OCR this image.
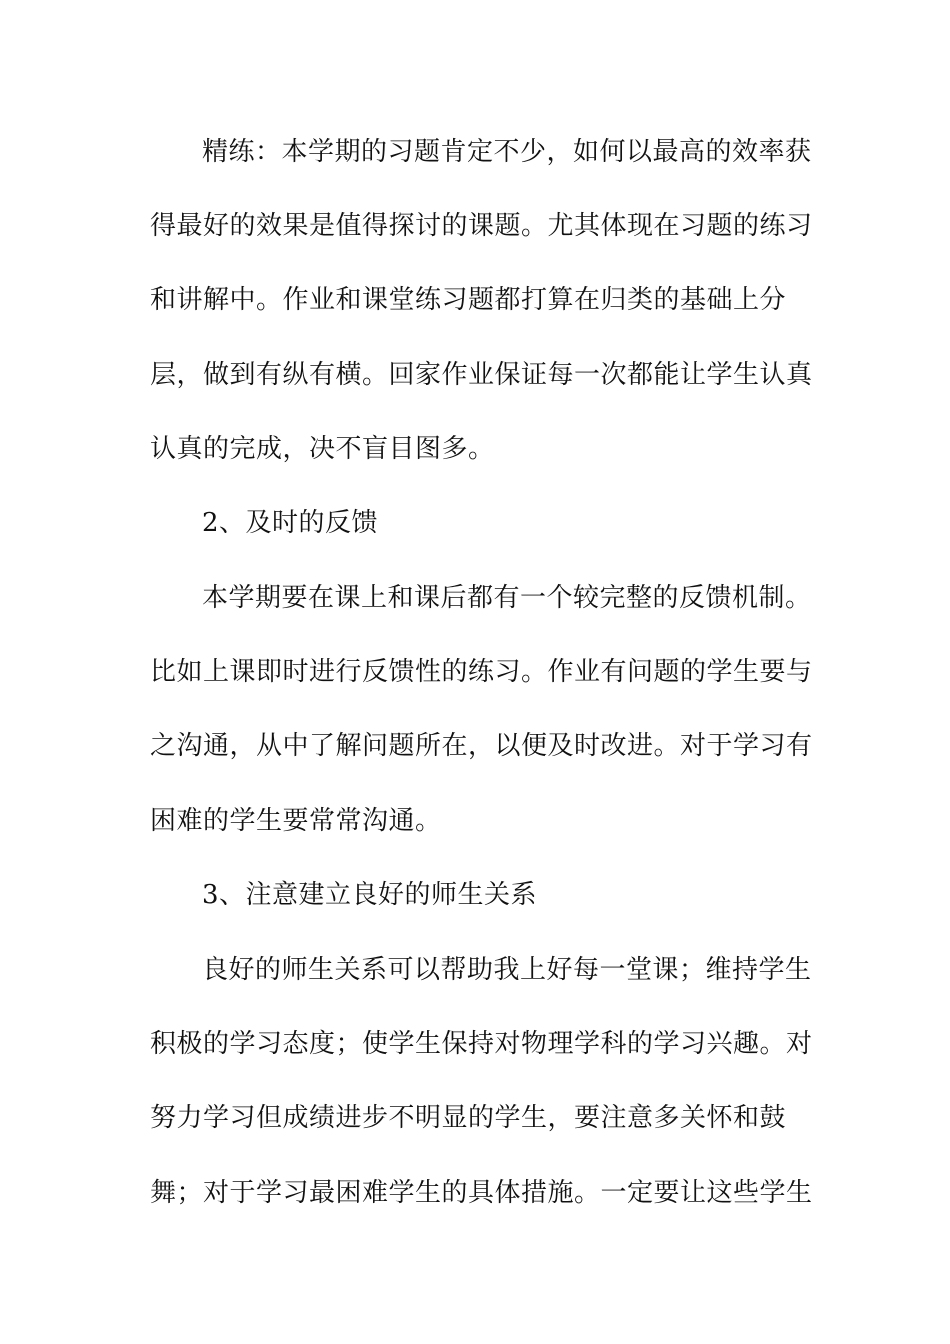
精练：本学期的习题肯定不少，如何以最高的效率获
得最好的效果是值得探讨的课题。尤其体现在习题的练习
和讲解中。作业和课堂练习题都打算在归类的基础上分
层，做到有纵有横。回家作业保证每一次都能让学生认真
认真的完成，决不盲目图多。
2、及时的反馈
本学期要在课上和课后都有一个较完整的反馈机制。
比如上课即时进行反馈性的练习。作业有问题的学生要与
之沟通，从中了解问题所在，以便及时改进。对于学习有
困难的学生要常常沟通。
3、注意建立良好的师生关系
良好的师生关系可以帮助我上好每一堂课；维持学生
积极的学习态度；使学生保持对物理学科的学习兴趣。对
努力学习但成绩进步不明显的学生，要注意多关怀和鼓
舞；对于学习最困难学生的具体措施。一定要让这些学生
